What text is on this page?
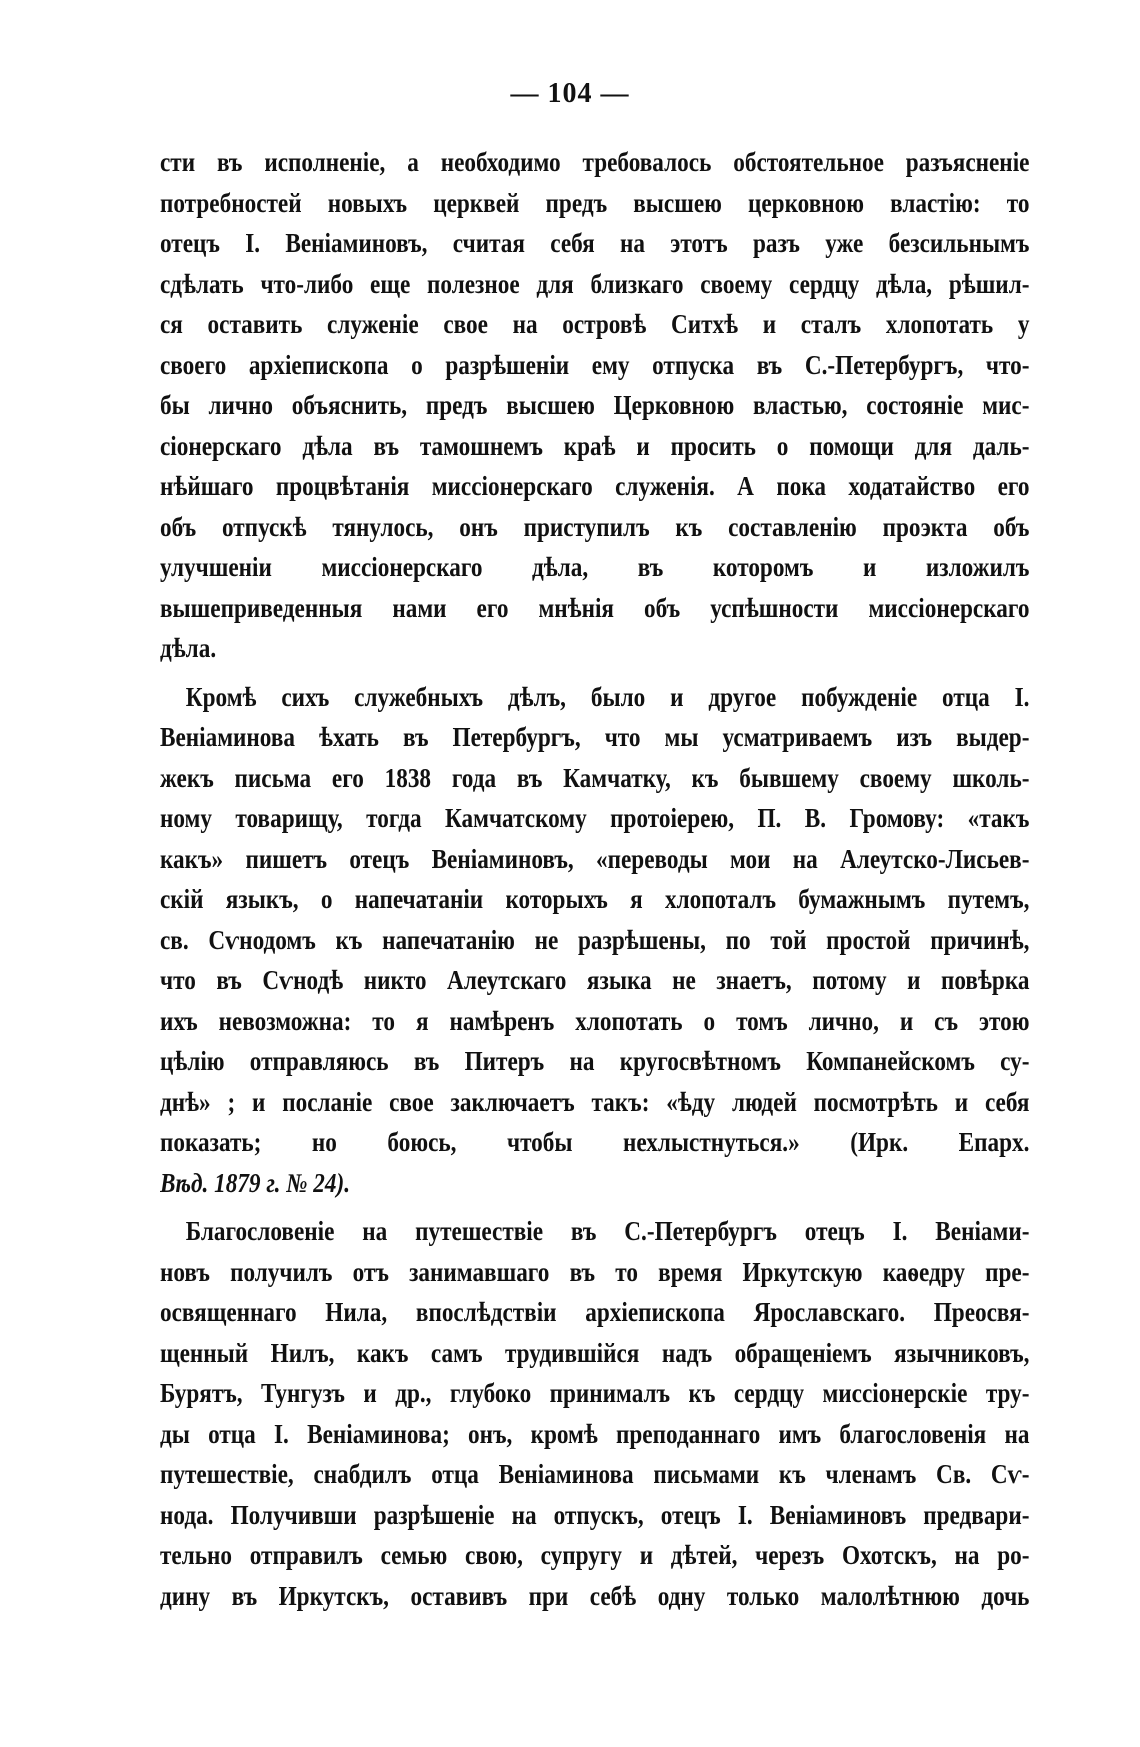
— 104 —
сти въ исполненіе, а необходимо требовалось обстоятельное разъясненіе
потребностей новыхъ церквей предъ высшею церковною властію: то
отецъ І. Веніаминовъ, считая себя на этотъ разъ уже безсильнымъ
сдѣлать что-либо еще полезное для близкаго своему сердцу дѣла, рѣшил-
ся оставить служеніе свое на островѣ Ситхѣ и сталъ хлопотать у
своего архіепископа о разрѣшеніи ему отпуска въ С.-Петербургъ, что-
бы лично объяснить, предъ высшею Церковною властью, состояніе мис-
сіонерскаго дѣла въ тамошнемъ краѣ и просить о помощи для даль-
нѣйшаго процвѣтанія миссіонерскаго служенія. А пока ходатайство его
объ отпускѣ тянулось, онъ приступилъ къ составленію проэкта объ
улучшеніи миссіонерскаго дѣла, въ которомъ и изложилъ
вышеприведенныя нами его мнѣнія объ успѣшности миссіонерскаго
дѣла.
Кромѣ сихъ служебныхъ дѣлъ, было и другое побужденіе отца І.
Веніаминова ѣхать въ Петербургъ, что мы усматриваемъ изъ выдер-
жекъ письма его 1838 года въ Камчатку, къ бывшему своему школь-
ному товарищу, тогда Камчатскому протоіерею, П. В. Громову: «такъ
какъ» пишетъ отецъ Веніаминовъ, «переводы мои на Алеутско-Лисьев-
скій языкъ, о напечатаніи которыхъ я хлопоталъ бумажнымъ путемъ,
св. Сѵнодомъ къ напечатанію не разрѣшены, по той простой причинѣ,
что въ Сѵнодѣ никто Алеутскаго языка не знаетъ, потому и повѣрка
ихъ невозможна: то я намѣренъ хлопотать о томъ лично, и съ этою
цѣлію отправляюсь въ Питеръ на кругосвѣтномъ Компанейскомъ су-
днѣ» ; и посланіе свое заключаетъ такъ: «ѣду людей посмотрѣть и себя
показать; но боюсь, чтобы нехлыстнуться.» (Ирк. Епарх.
Вѣд. 1879 г. № 24).
Благословеніе на путешествіе въ С.-Петербургъ отецъ І. Веніами-
новъ получилъ отъ занимавшаго въ то время Иркутскую каѳедру пре-
освященнаго Нила, впослѣдствіи архіепископа Ярославскаго. Преосвя-
щенный Нилъ, какъ самъ трудившійся надъ обращеніемъ язычниковъ,
Бурятъ, Тунгузъ и др., глубоко принималъ къ сердцу миссіонерскіе тру-
ды отца І. Веніаминова; онъ, кромѣ преподаннаго имъ благословенія на
путешествіе, снабдилъ отца Веніаминова письмами къ членамъ Св. Сѵ-
нода. Получивши разрѣшеніе на отпускъ, отецъ І. Веніаминовъ предвари-
тельно отправилъ семью свою, супругу и дѣтей, черезъ Охотскъ, на ро-
дину въ Иркутскъ, оставивъ при себѣ одну только малолѣтнюю дочь
